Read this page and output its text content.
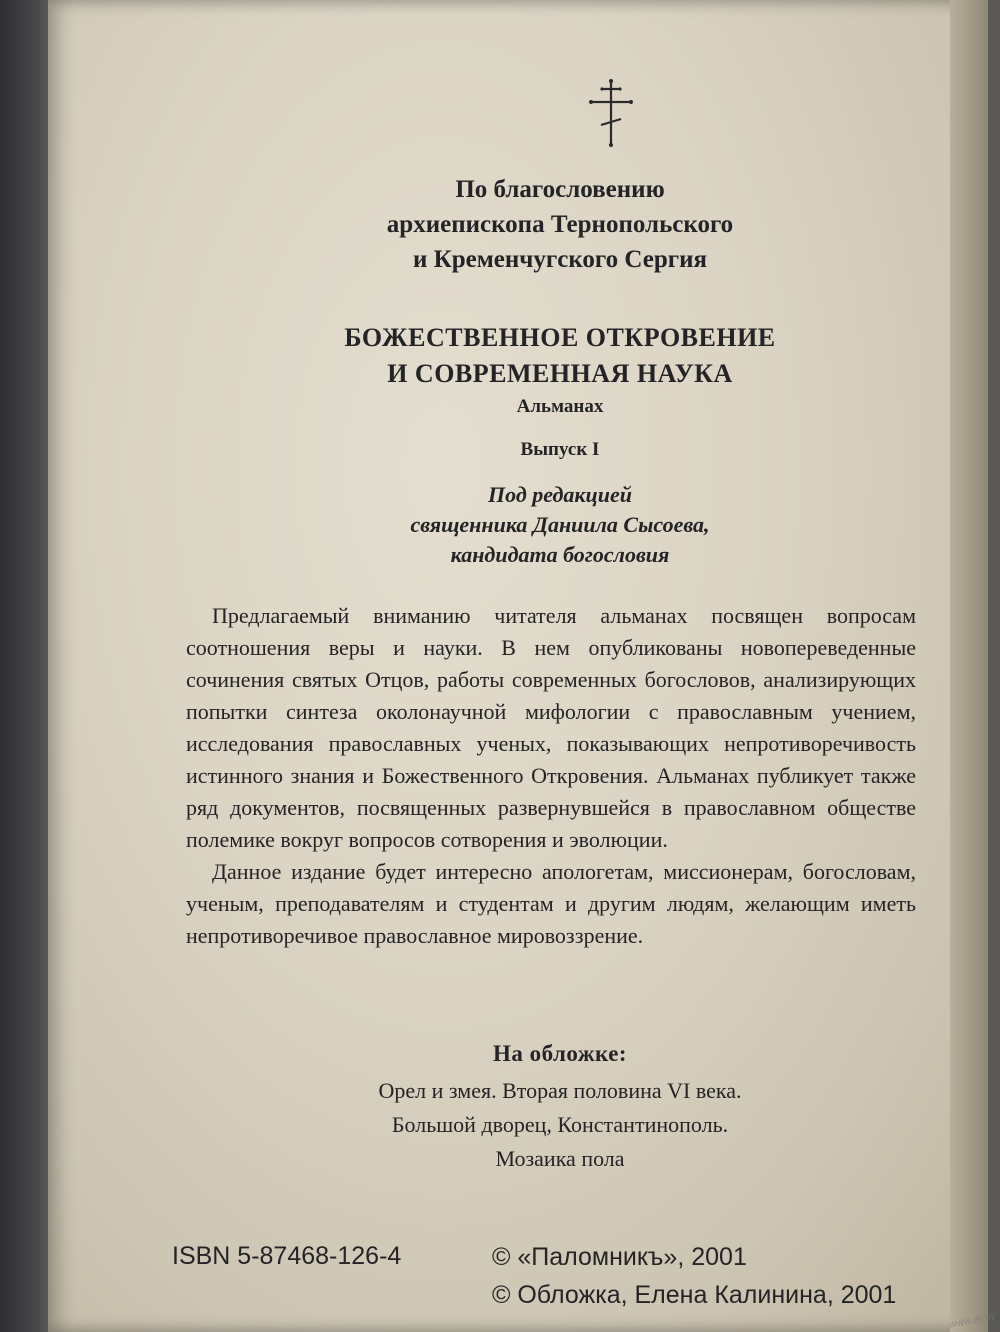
По благословению
архиепископа Тернопольского
и Кременчугского Сергия
БОЖЕСТВЕННОЕ ОТКРОВЕНИЕ
И СОВРЕМЕННАЯ НАУКА
Альманах
Выпуск I
Под редакцией
священника Даниила Сысоева,
кандидата богословия

Предлагаемый вниманию читателя альманах посвящен вопросам соотношения веры и науки. В нем опубликованы новопереведенные сочинения святых Отцов, работы современных богословов, анализирующих попытки синтеза околонаучной мифологии с православным учением, исследования православных ученых, показывающих непротиворечивость истинного знания и Божественного Откровения. Альманах публикует также ряд документов, посвященных развернувшейся в православном обществе полемике вокруг вопросов сотворения и эволюции.

Данное издание будет интересно апологетам, миссионерам, богословам, ученым, преподавателям и студентам и другим людям, желающим иметь непротиворечивое православное мировоззрение.

На обложке:
Орел и змея. Вторая половина VI века.
Большой дворец, Константинополь.
Мозаика пола
ISBN 5-87468-126-4	© «Паломникъ», 2001
© Обложка, Елена Калинина, 2001
www.ay.by
